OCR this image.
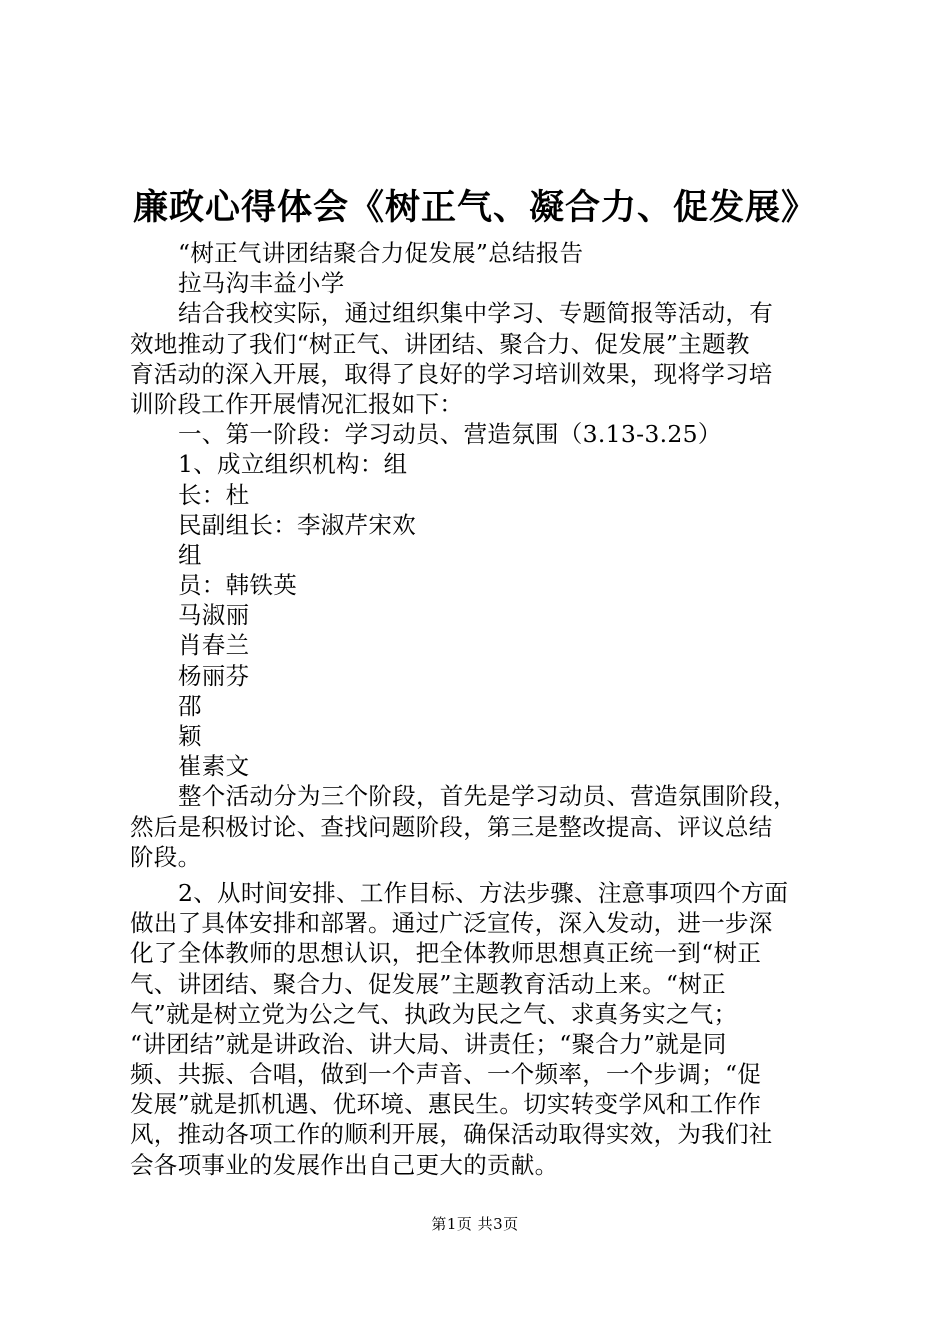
廉政心得体会《树正气、凝合力、促发展》
“树正气讲团结聚合力促发展”总结报告
拉马沟丰益小学
结合我校实际，通过组织集中学习、专题简报等活动，有
效地推动了我们“树正气、讲团结、聚合力、促发展”主题教
育活动的深入开展，取得了良好的学习培训效果，现将学习培
训阶段工作开展情况汇报如下：
一、第一阶段：学习动员、营造氛围（3.13-3.25）
1、成立组织机构：组
长：杜
民副组长：李淑芹宋欢
组
员：韩铁英
马淑丽
肖春兰
杨丽芬
邵
颖
崔素文
整个活动分为三个阶段，首先是学习动员、营造氛围阶段，
然后是积极讨论、查找问题阶段，第三是整改提高、评议总结
阶段。
2、从时间安排、工作目标、方法步骤、注意事项四个方面
做出了具体安排和部署。通过广泛宣传，深入发动，进一步深
化了全体教师的思想认识，把全体教师思想真正统一到“树正
气、讲团结、聚合力、促发展”主题教育活动上来。“树正
气”就是树立党为公之气、执政为民之气、求真务实之气；
“讲团结”就是讲政治、讲大局、讲责任；“聚合力”就是同
频、共振、合唱，做到一个声音、一个频率，一个步调；“促
发展”就是抓机遇、优环境、惠民生。切实转变学风和工作作
风，推动各项工作的顺利开展，确保活动取得实效，为我们社
会各项事业的发展作出自己更大的贡献。
第1页 共3页
